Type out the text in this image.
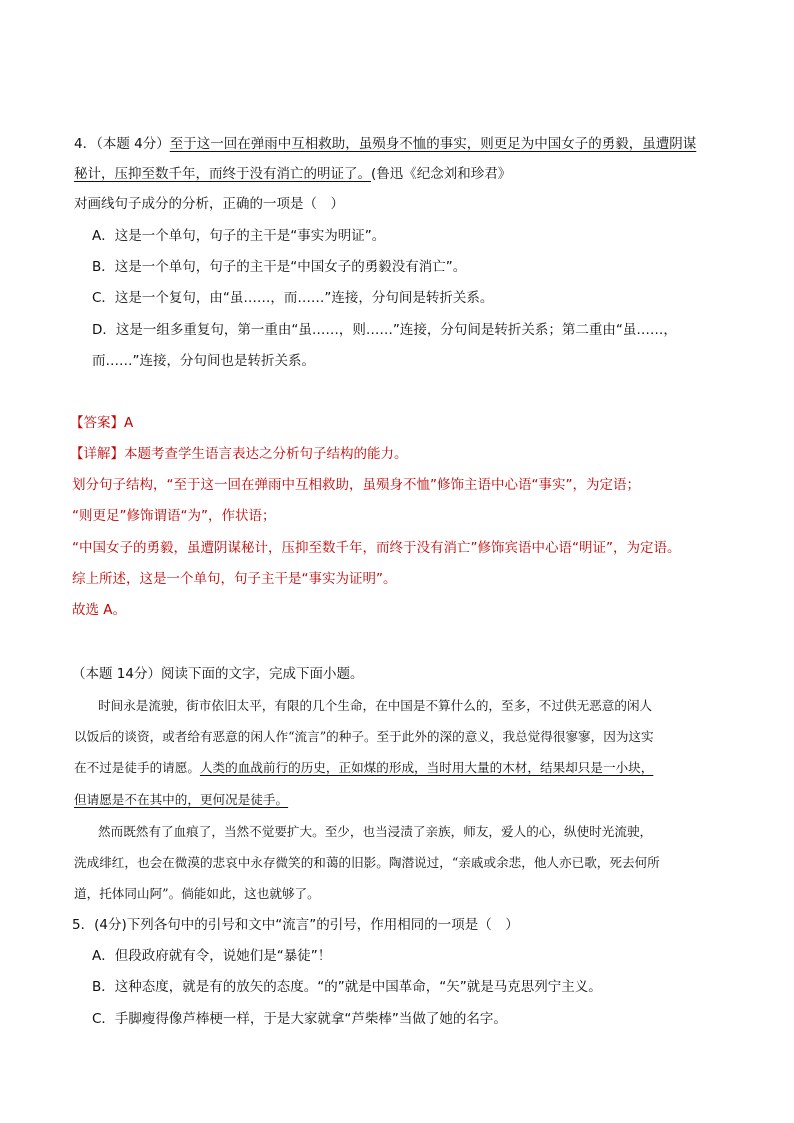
4．（本题 4分）至于这一回在弹雨中互相救助，虽殒身不恤的事实，则更足为中国女子的勇毅，虽遭阴谋
秘计，压抑至数千年，而终于没有消亡的明证了。(鲁迅《纪念刘和珍君》
对画线句子成分的分析，正确的一项是（　）
A．这是一个单句，句子的主干是“事实为明证”。
B．这是一个单句，句子的主干是“中国女子的勇毅没有消亡”。
C．这是一个复句，由“虽……，而……”连接，分句间是转折关系。
D．这是一组多重复句，第一重由“虽……，则……”连接，分句间是转折关系；第二重由“虽……，
而……”连接，分句间也是转折关系。
【答案】A
【详解】本题考查学生语言表达之分析句子结构的能力。
划分句子结构，“至于这一回在弹雨中互相救助，虽殒身不恤”修饰主语中心语“事实”，为定语；
“则更足”修饰谓语“为”，作状语；
“中国女子的勇毅，虽遭阴谋秘计，压抑至数千年，而终于没有消亡”修饰宾语中心语“明证”，为定语。
综上所述，这是一个单句，句子主干是“事实为证明”。
故选 A。
（本题 14分）阅读下面的文字，完成下面小题。
时间永是流驶，街市依旧太平，有限的几个生命，在中国是不算什么的，至多，不过供无恶意的闲人
以饭后的谈资，或者给有恶意的闲人作“流言”的种子。至于此外的深的意义，我总觉得很寥寥，因为这实
在不过是徒手的请愿。人类的血战前行的历史，正如煤的形成，当时用大量的木材，结果却只是一小块，
但请愿是不在其中的，更何况是徒手。
然而既然有了血痕了，当然不觉要扩大。至少，也当浸渍了亲族，师友，爱人的心，纵使时光流驶，
洗成绯红，也会在微漠的悲哀中永存微笑的和蔼的旧影。陶潜说过，“亲戚或余悲，他人亦已歌，死去何所
道，托体同山阿”。倘能如此，这也就够了。
5．(4分)下列各句中的引号和文中“流言”的引号，作用相同的一项是（　）
A．但段政府就有令，说她们是“暴徒”！
B．这种态度，就是有的放矢的态度。“的”就是中国革命，“矢”就是马克思列宁主义。
C．手脚瘦得像芦棒梗一样，于是大家就拿“芦柴棒”当做了她的名字。
